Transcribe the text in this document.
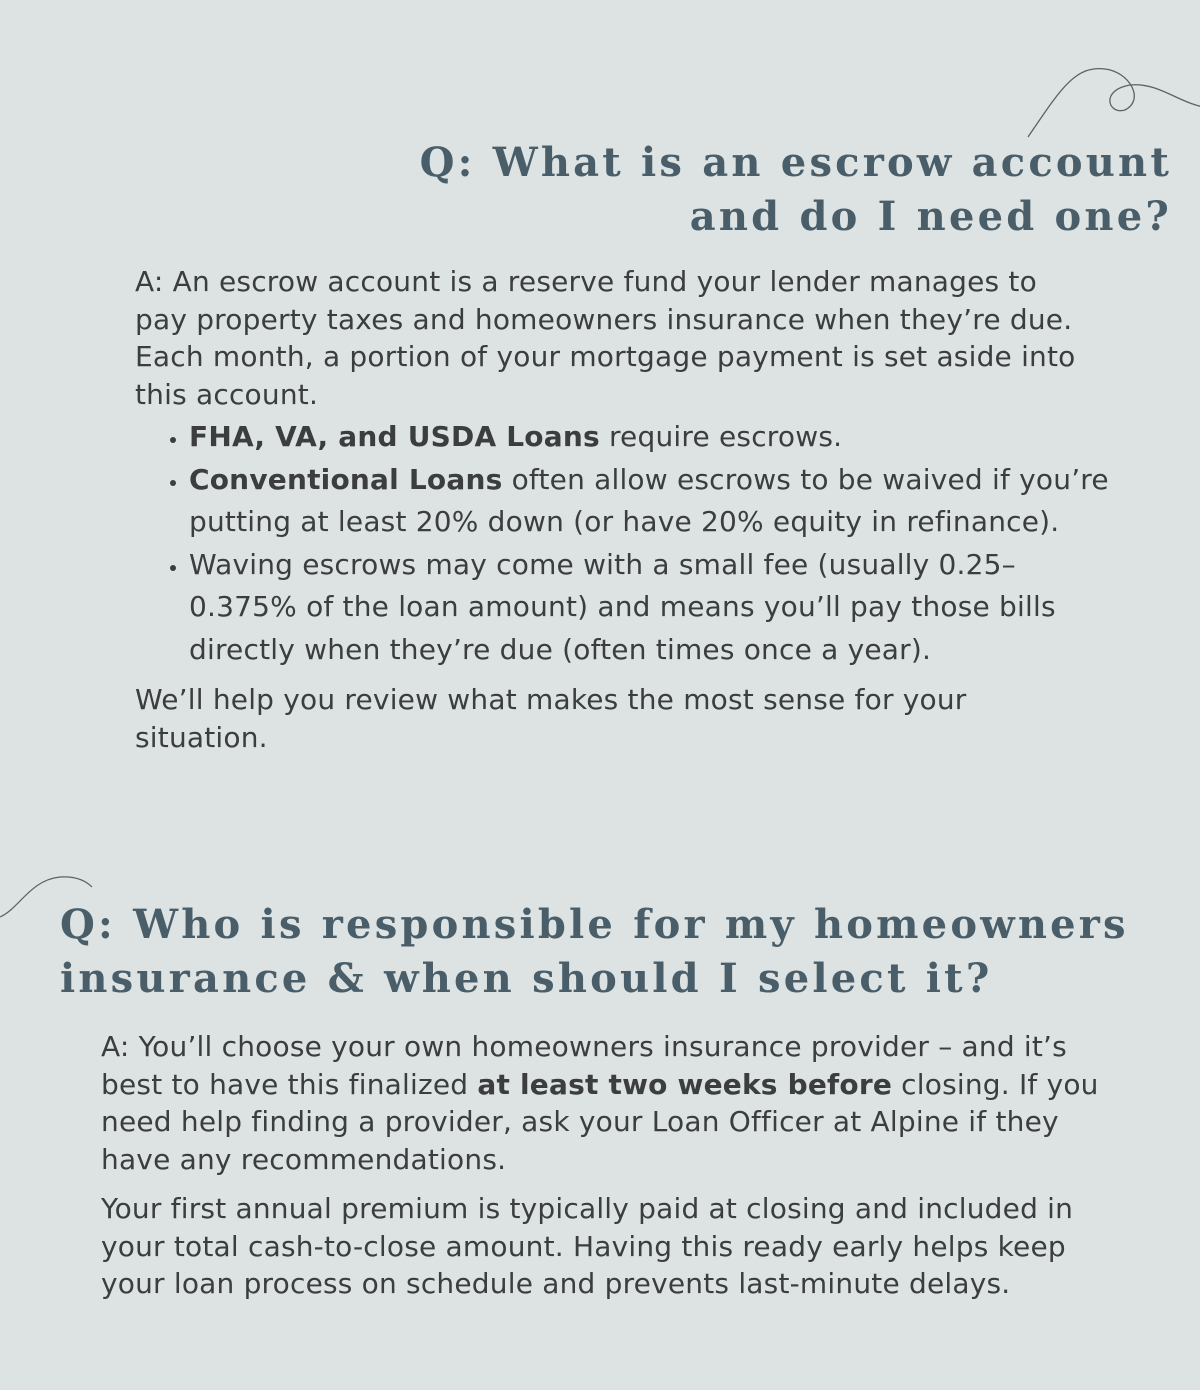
Q: What is an escrow account
and do I need one?
A: An escrow account is a reserve fund your lender manages to
pay property taxes and homeowners insurance when they’re due.
Each month, a portion of your mortgage payment is set aside into
this account.
• FHA, VA, and USDA Loans require escrows.
• Conventional Loans often allow escrows to be waived if you’re
putting at least 20% down (or have 20% equity in refinance).
• Waving escrows may come with a small fee (usually 0.25–
0.375% of the loan amount) and means you’ll pay those bills
directly when they’re due (often times once a year).
We’ll help you review what makes the most sense for your
situation.
Q: Who is responsible for my homeowners
insurance & when should I select it?
A: You’ll choose your own homeowners insurance provider – and it’s
best to have this finalized at least two weeks before closing. If you
need help finding a provider, ask your Loan Officer at Alpine if they
have any recommendations.
Your first annual premium is typically paid at closing and included in
your total cash-to-close amount. Having this ready early helps keep
your loan process on schedule and prevents last-minute delays.
